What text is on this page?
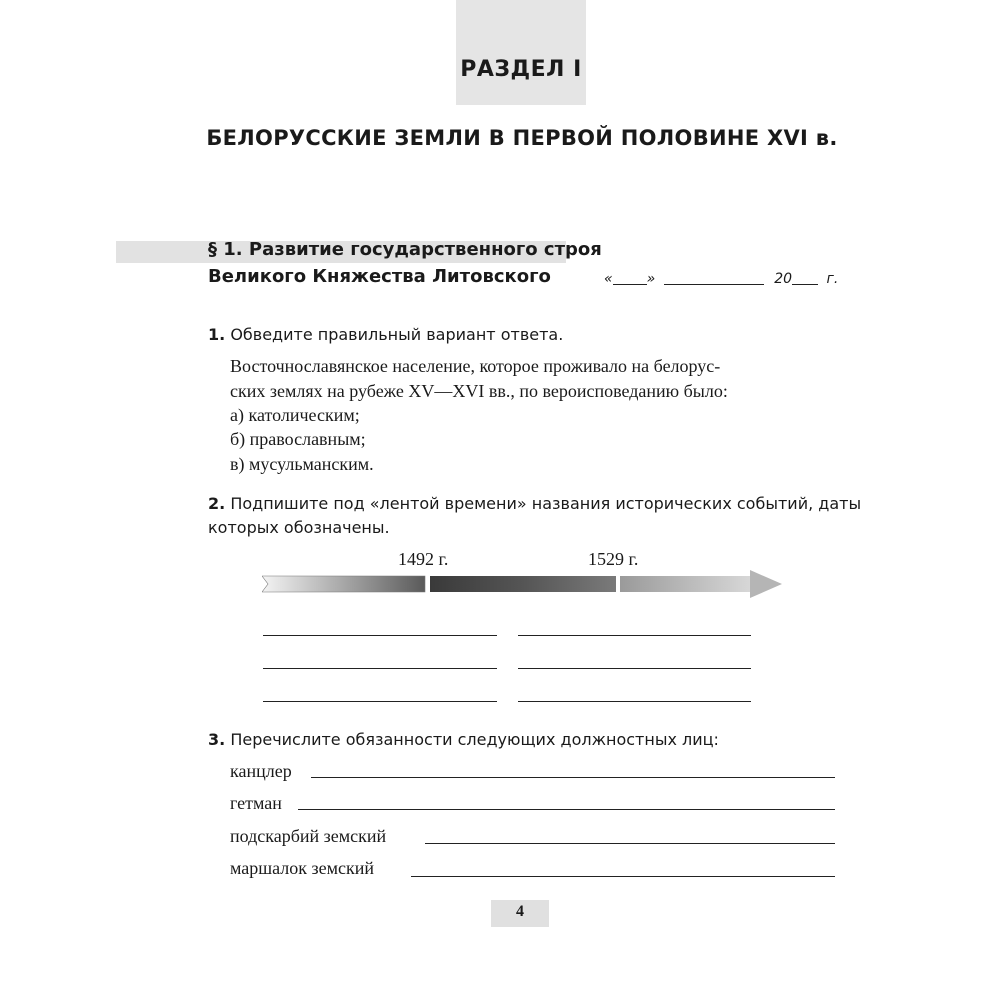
РАЗДЕЛ I
БЕЛОРУССКИЕ ЗЕМЛИ В ПЕРВОЙ ПОЛОВИНЕ XVI в.
§ 1. Развитие государственного строя
Великого Княжества Литовского	« »	20 г.
1. Обведите правильный вариант ответа.
Восточнославянское население, которое проживало на белорус-
ских землях на рубеже XV—XVI вв., по вероисповеданию было:
а) католическим;
б) православным;
в) мусульманским.
2. Подпишите под «лентой времени» названия исторических событий, даты
которых обозначены.
1492 г.	1529 г.
3. Перечислите обязанности следующих должностных лиц:
канцлер
гетман
подскарбий земский
маршалок земский
4
